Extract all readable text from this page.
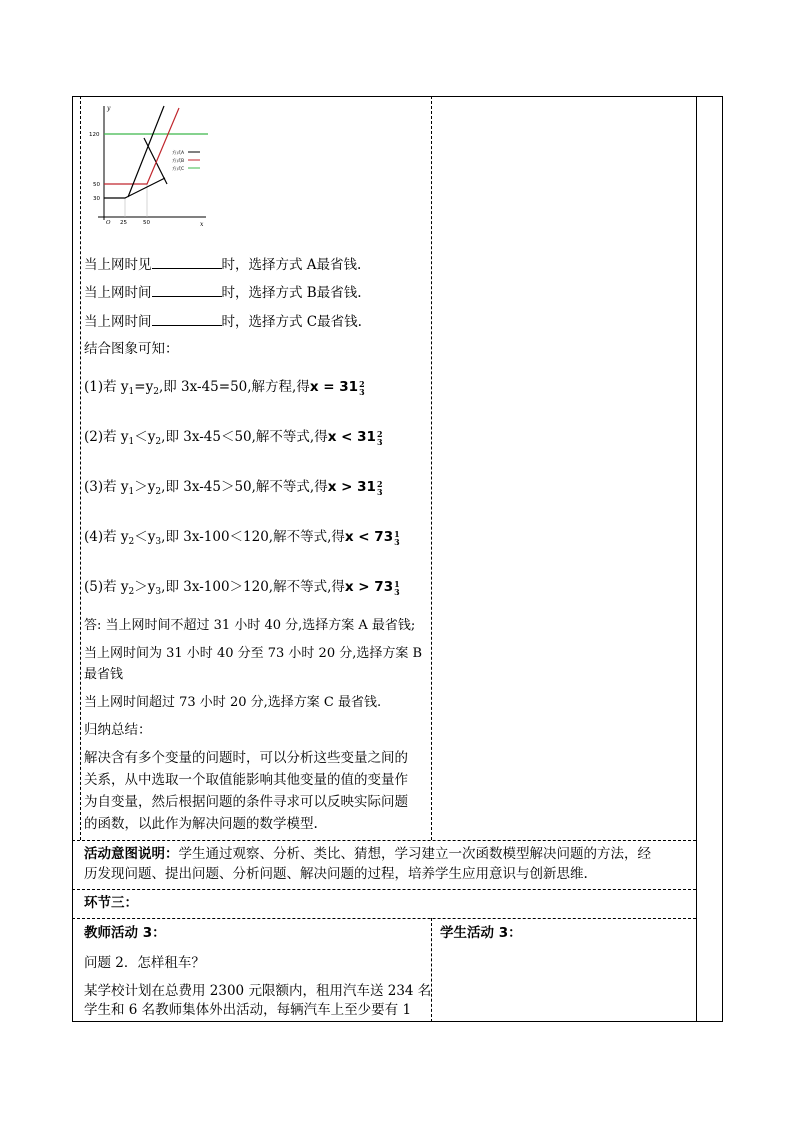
方式A
方式B
方式C
y
x
O
120
50
30
25	50
当上网时见	时，选择方式 A最省钱.
当上网时间	时，选择方式 B最省钱.
当上网时间	时，选择方式 C最省钱.
结合图象可知：
(1)若 $y_1=y_2$,即 3x-45=50,解方程,得x = 31 2
3
(2)若 $y_1<y_2$,即 3x-45＜50,解不等式,得x < 31 2
3
(3)若 $y_1>y_2$,即 3x-45＞50,解不等式,得x > 31 2
3
(4)若 $y_2<y_3$,即 3x-100＜120,解不等式,得x < 73 1
3
(5)若 $y_2>y_3$,即 3x-100＞120,解不等式,得x > 73 1
3
答: 当上网时间不超过 31 小时 40 分,选择方案 A 最省钱;
当上网时间为 31 小时 40 分至 73 小时 20 分,选择方案 B
最省钱
当上网时间超过 73 小时 20 分,选择方案 C 最省钱.
归纳总结：
解决含有多个变量的问题时，可以分析这些变量之间的
关系，从中选取一个取值能影响其他变量的值的变量作
为自变量，然后根据问题的条件寻求可以反映实际问题
的函数，以此作为解决问题的数学模型.
活动意图说明：学生通过观察、分析、类比、猜想，学习建立一次函数模型解决问题的方法，经
历发现问题、提出问题、分析问题、解决问题的过程，培养学生应用意识与创新思维.
环节三：
教师活动 3：	学生活动 3：
问题 2．怎样租车？
某学校计划在总费用 2300 元限额内，租用汽车送 234 名
学生和 6 名教师集体外出活动，每辆汽车上至少要有 1
